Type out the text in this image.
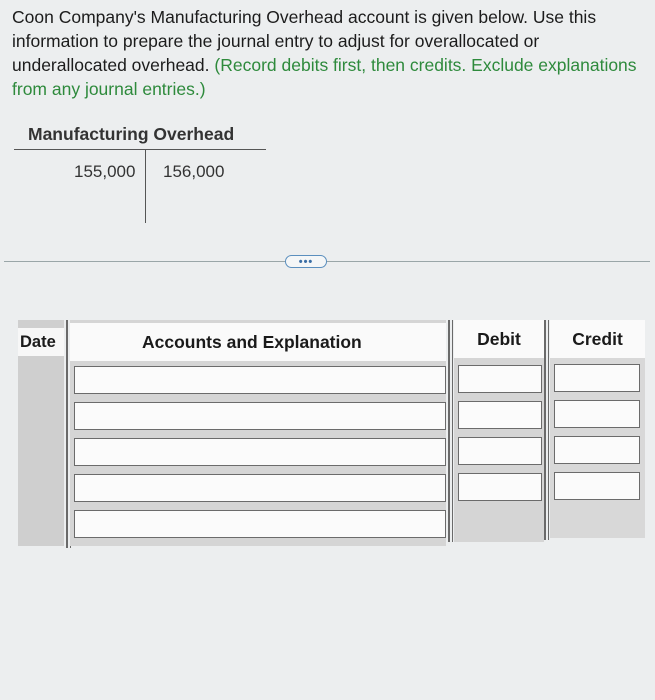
Coon Company's Manufacturing Overhead account is given below. Use this information to prepare the journal entry to adjust for overallocated or underallocated overhead. (Record debits first, then credits. Exclude explanations from any journal entries.)
Manufacturing Overhead
155,000 156,000
•••
Date	Accounts and Explanation	Debit	Credit
